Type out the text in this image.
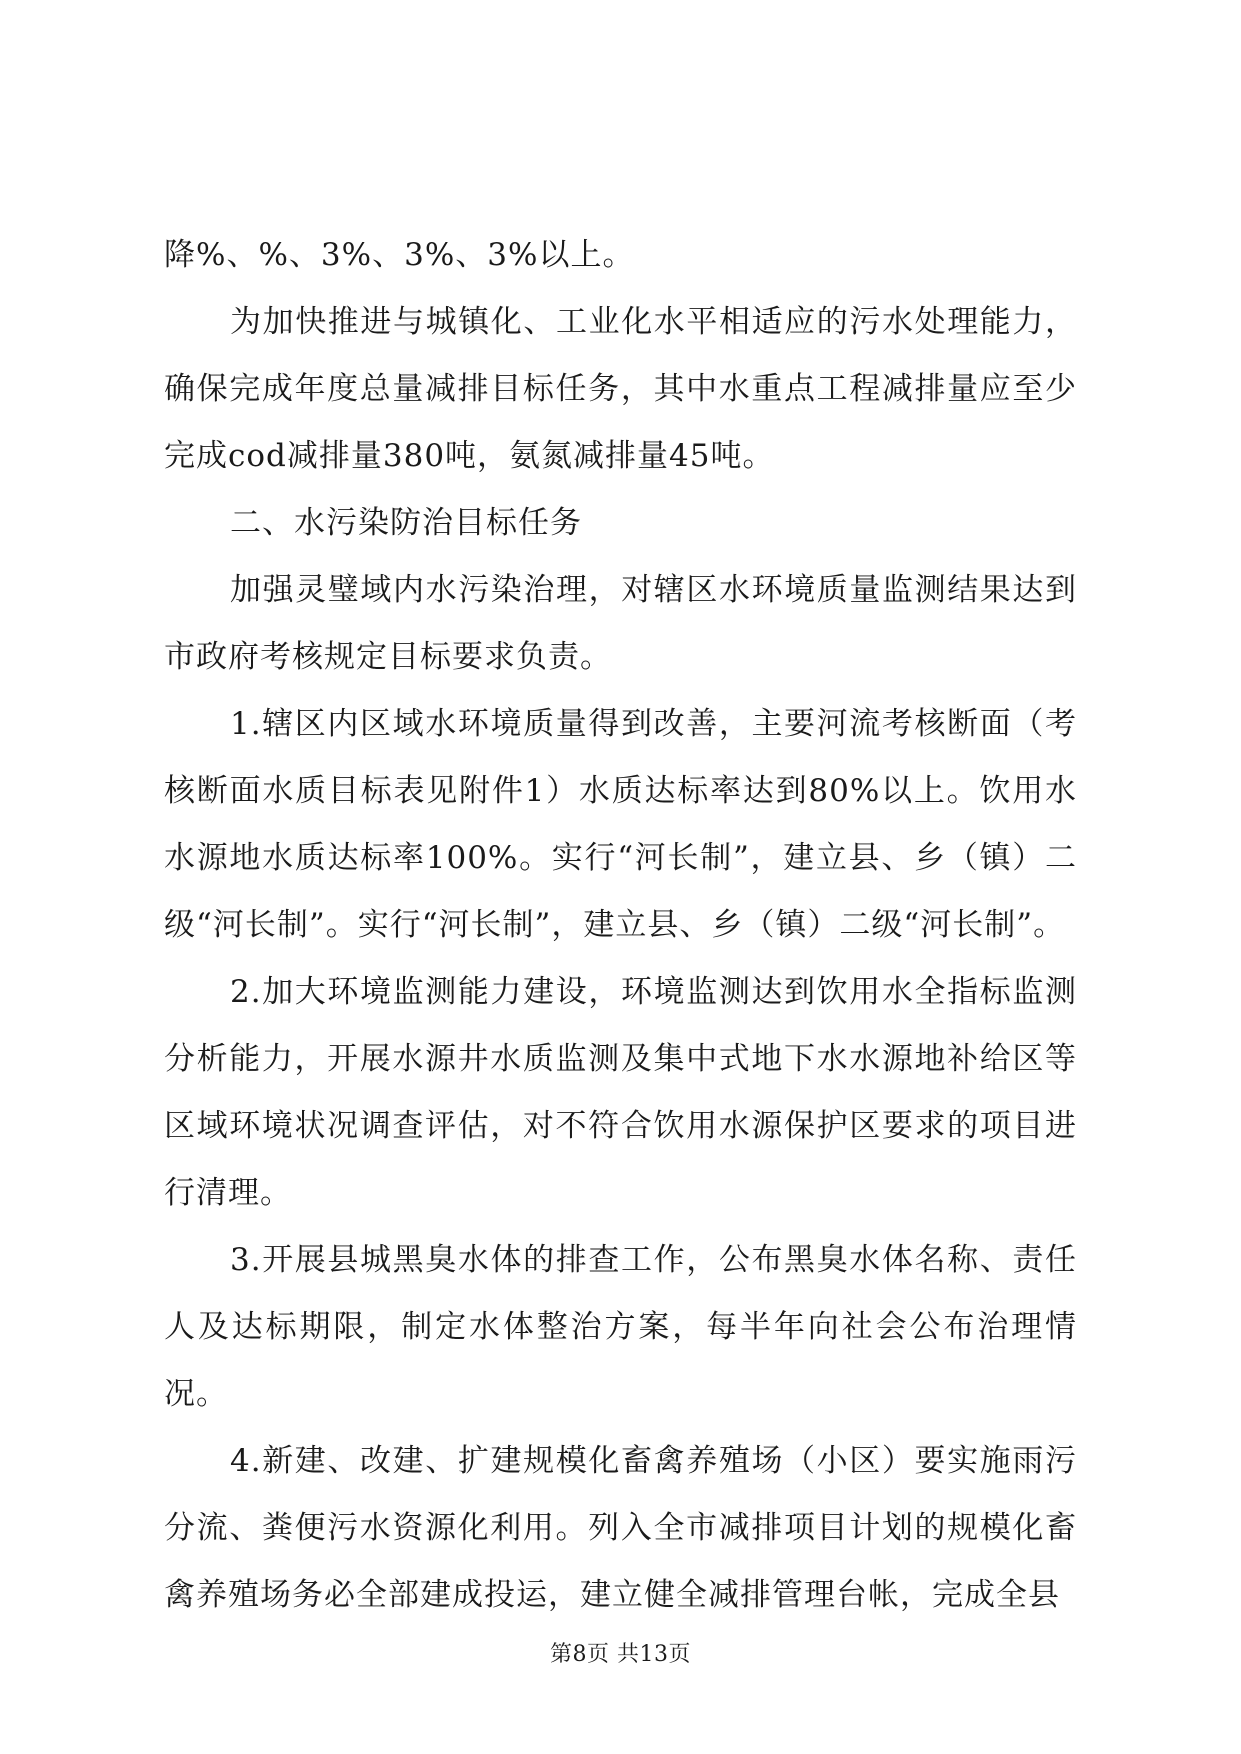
降%、%、3%、3%、3%以上。

为加快推进与城镇化、工业化水平相适应的污水处理能力，确保完成年度总量减排目标任务，其中水重点工程减排量应至少完成cod减排量380吨，氨氮减排量45吨。

二、水污染防治目标任务

加强灵璧域内水污染治理，对辖区水环境质量监测结果达到市政府考核规定目标要求负责。

1.辖区内区域水环境质量得到改善，主要河流考核断面（考核断面水质目标表见附件1）水质达标率达到80%以上。饮用水水源地水质达标率100%。实行“河长制”，建立县、乡（镇）二级“河长制”。实行“河长制”，建立县、乡（镇）二级“河长制”。

2.加大环境监测能力建设，环境监测达到饮用水全指标监测分析能力，开展水源井水质监测及集中式地下水水源地补给区等区域环境状况调查评估，对不符合饮用水源保护区要求的项目进行清理。

3.开展县城黑臭水体的排查工作，公布黑臭水体名称、责任人及达标期限，制定水体整治方案，每半年向社会公布治理情况。

4.新建、改建、扩建规模化畜禽养殖场（小区）要实施雨污分流、粪便污水资源化利用。列入全市减排项目计划的规模化畜禽养殖场务必全部建成投运，建立健全减排管理台帐，完成全县

第8页 共13页
